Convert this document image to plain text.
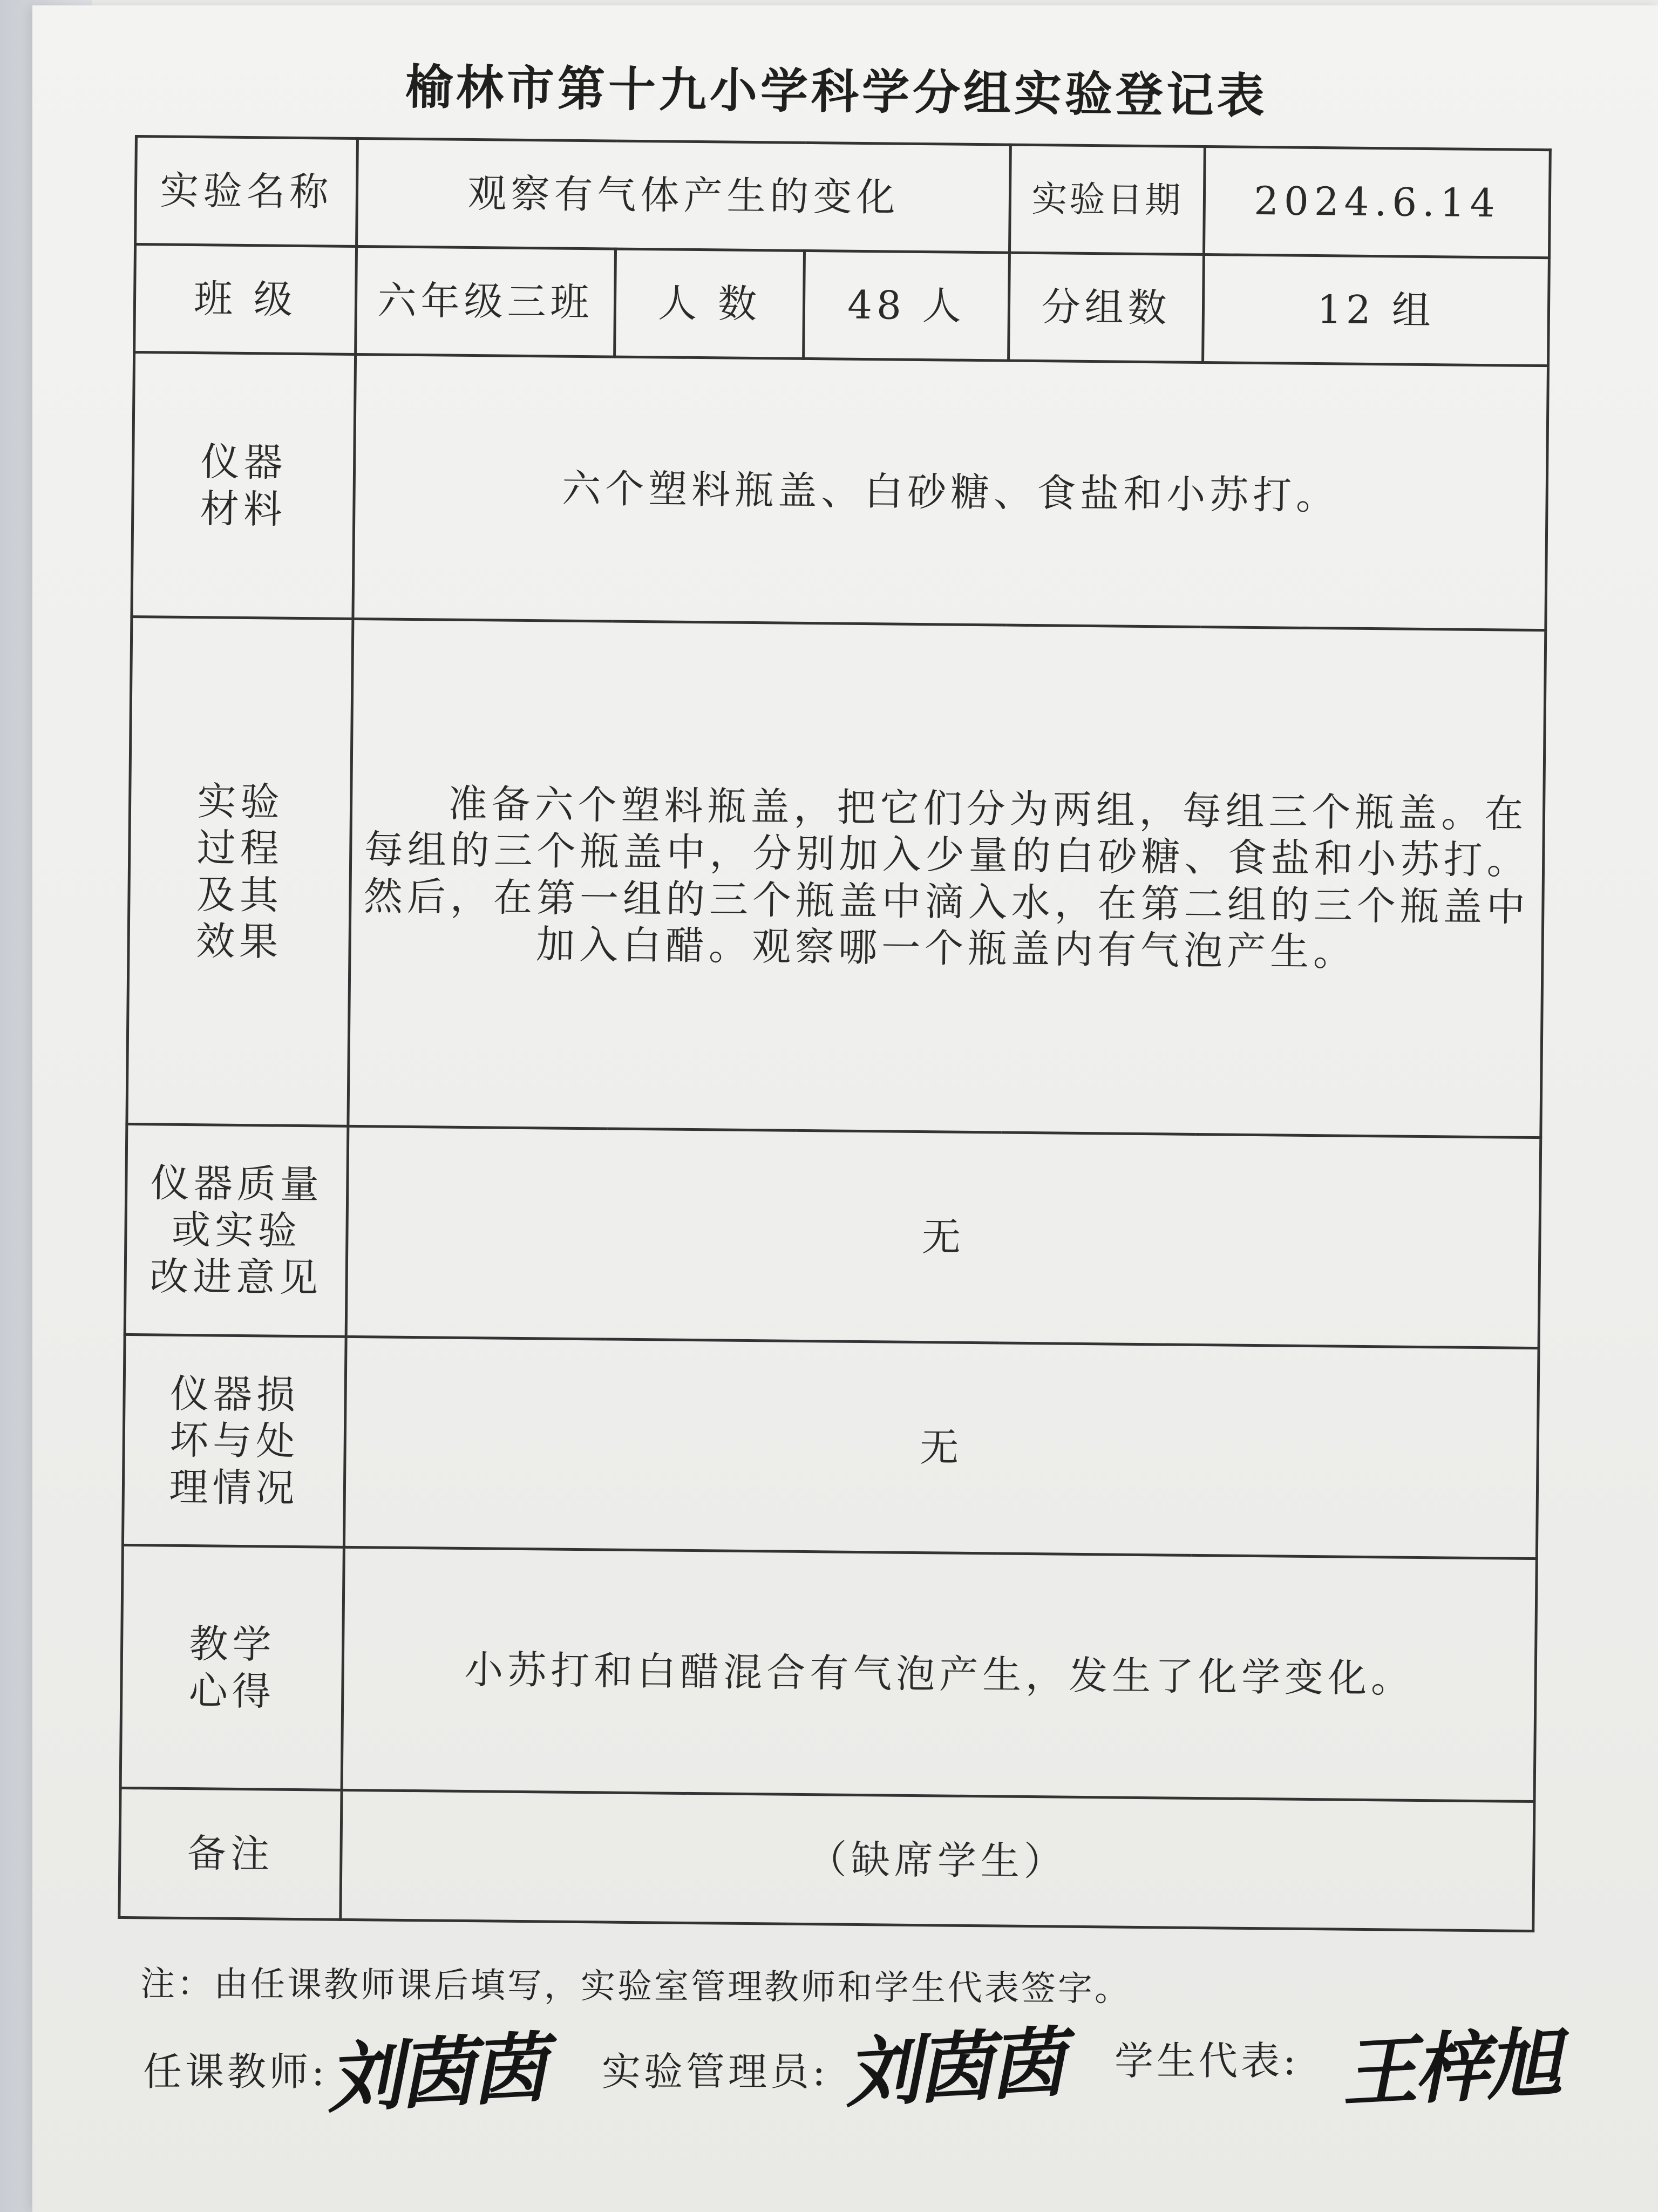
榆林市第十九小学科学分组实验登记表
实验名称	观察有气体产生的变化			实验日期	2024.6.14
班 级	六年级三班	人 数	48 人	分组数	12 组

仪器
材料	六个塑料瓶盖、白砂糖、食盐和小苏打。				

实验
过程
及其
效果	准备六个塑料瓶盖，把它们分为两组，每组三个瓶盖。在每组的三个瓶盖中，分别加入少量的白砂糖、食盐和小苏打。然后，在第一组的三个瓶盖中滴入水，在第二组的三个瓶盖中加入白醋。观察哪一个瓶盖内有气泡产生。				

仪器质量
或实验
改进意见	无				

仪器损
坏与处
理情况	无				

教学
心得	小苏打和白醋混合有气泡产生，发生了化学变化。				
备注	（缺席学生）				
注：由任课教师课后填写，实验室管理教师和学生代表签字。
任课教师:
刘茵茵 实验管理员: 刘茵茵 学生代表: 王梓旭
